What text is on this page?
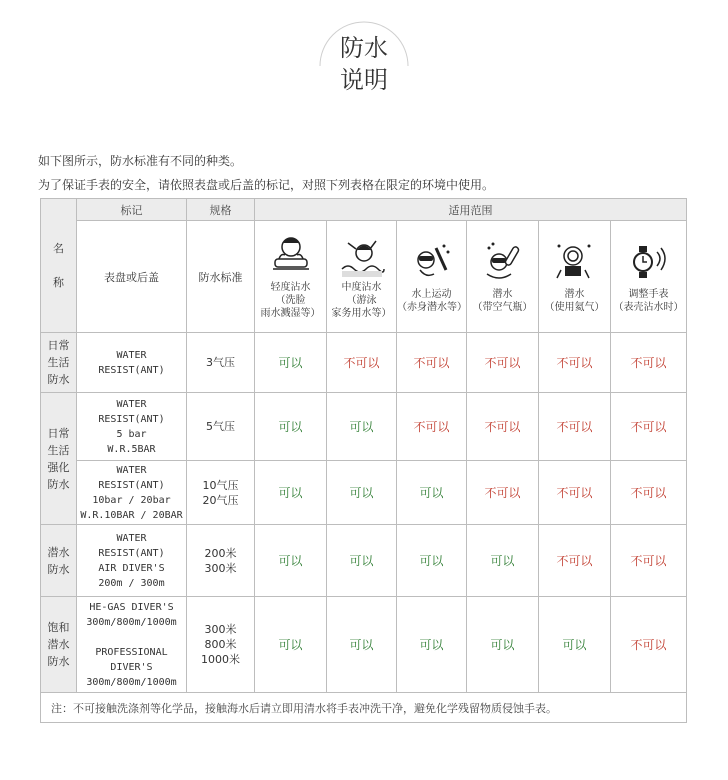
防水
说明
如下图所示，防水标准有不同的种类。
为了保证手表的安全，请依照表盘或后盖的标记，对照下列表格在限定的环境中使用。
名

称	标记	规格	适用范围					
	表盘或后盖	防水标准	轻度沾水
（洗脸
雨水溅湿等）	中度沾水
（游泳
家务用水等）	水上运动
（赤身潜水等）	潜水
（带空气瓶）	潜水
（使用氦气）	调整手表
（表壳沾水时）

日常
生活
防水	WATER
RESIST(ANT)	3气压	可以	不可以	不可以	不可以	不可以	不可以
日常
生活
强化
防水	WATER
RESIST(ANT)
5 bar
W.R.5BAR	5气压	可以	可以	不可以	不可以	不可以	不可以
	WATER
RESIST(ANT)
10bar / 20bar
W.R.10BAR / 20BAR	10气压
20气压	可以	可以	可以	不可以	不可以	不可以
潜水
防水	WATER
RESIST(ANT)
AIR DIVER'S
200m / 300m	200米
300米	可以	可以	可以	可以	不可以	不可以
饱和
潜水
防水	HE-GAS DIVER'S
300m/800m/1000m

PROFESSIONAL
DIVER'S
300m/800m/1000m	300米
800米
1000米	可以	可以	可以	可以	可以	不可以
注：不可接触洗涤剂等化学品，接触海水后请立即用清水将手表冲洗干净，避免化学残留物质侵蚀手表。								
